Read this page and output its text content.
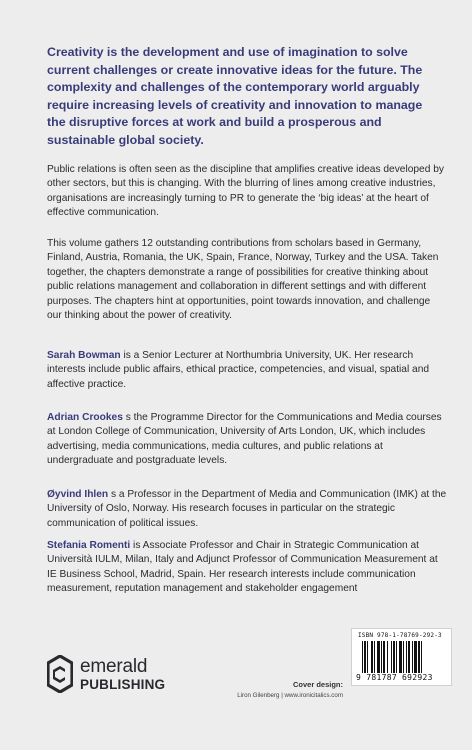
Creativity is the development and use of imagination to solve current challenges or create innovative ideas for the future. The complexity and challenges of the contemporary world arguably require increasing levels of creativity and innovation to manage the disruptive forces at work and build a prosperous and sustainable global society.

Public relations is often seen as the discipline that amplifies creative ideas developed by other sectors, but this is changing. With the blurring of lines among creative industries, organisations are increasingly turning to PR to generate the ‘big ideas’ at the heart of effective communication.

This volume gathers 12 outstanding contributions from scholars based in Germany, Finland, Austria, Romania, the UK, Spain, France, Norway, Turkey and the USA. Taken together, the chapters demonstrate a range of possibilities for creative thinking about public relations management and collaboration in different settings and with different purposes. The chapters hint at opportunities, point towards innovation, and challenge our thinking about the power of creativity.

Sarah Bowman is a Senior Lecturer at Northumbria University, UK. Her research interests include public affairs, ethical practice, competencies, and visual, spatial and affective practice.

Adrian Crookes s the Programme Director for the Communications and Media courses at London College of Communication, University of Arts London, UK, which includes advertising, media communications, media cultures, and public relations at undergraduate and postgraduate levels.

Øyvind Ihlen s a Professor in the Department of Media and Communication (IMK) at the University of Oslo, Norway. His research focuses in particular on the strategic communication of political issues.

Stefania Romenti is Associate Professor and Chair in Strategic Communication at Università IULM, Milan, Italy and Adjunct Professor of Communication Measurement at IE Business School, Madrid, Spain. Her research interests include communication measurement, reputation management and stakeholder engagement

ISBN 978-1-78769-292-3
9 781787 692923
emerald
PUBLISHING	Cover design:
Liron Gilenberg | www.ironicitalics.com
